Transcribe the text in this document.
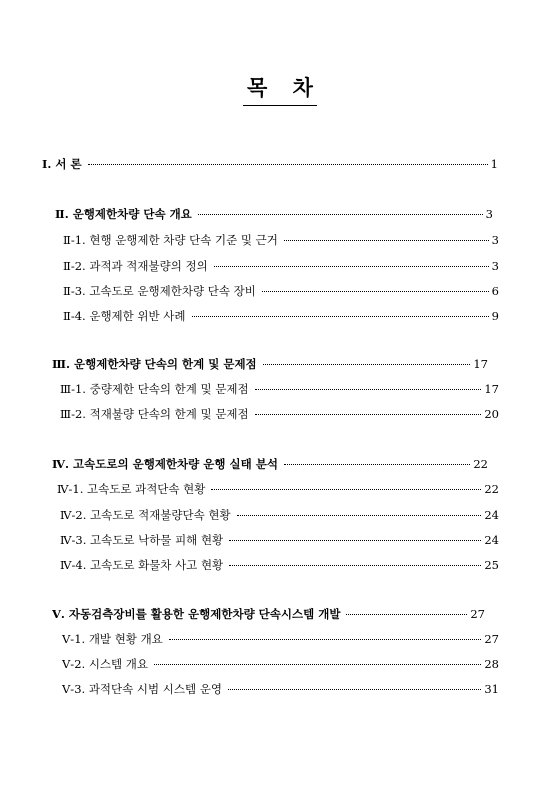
목 차
Ⅰ. 서 론	1
Ⅱ. 운행제한차량 단속 개요	3
Ⅱ-1. 현행 운행제한 차량 단속 기준 및 근거	3
Ⅱ-2. 과적과 적재불량의 정의	3
Ⅱ-3. 고속도로 운행제한차량 단속 장비	6
Ⅱ-4. 운행제한 위반 사례	9
Ⅲ. 운행제한차량 단속의 한계 및 문제점	17
Ⅲ-1. 중량제한 단속의 한계 및 문제점	17
Ⅲ-2. 적재불량 단속의 한계 및 문제점	20
Ⅳ. 고속도로의 운행제한차량 운행 실태 분석	22
Ⅳ-1. 고속도로 과적단속 현황	22
Ⅳ-2. 고속도로 적재불량단속 현황	24
Ⅳ-3. 고속도로 낙하물 피해 현황	24
Ⅳ-4. 고속도로 화물차 사고 현황	25
Ⅴ. 자동검측장비를 활용한 운행제한차량 단속시스템 개발	27
Ⅴ-1. 개발 현황 개요	27
Ⅴ-2. 시스템 개요	28
Ⅴ-3. 과적단속 시범 시스템 운영	31
